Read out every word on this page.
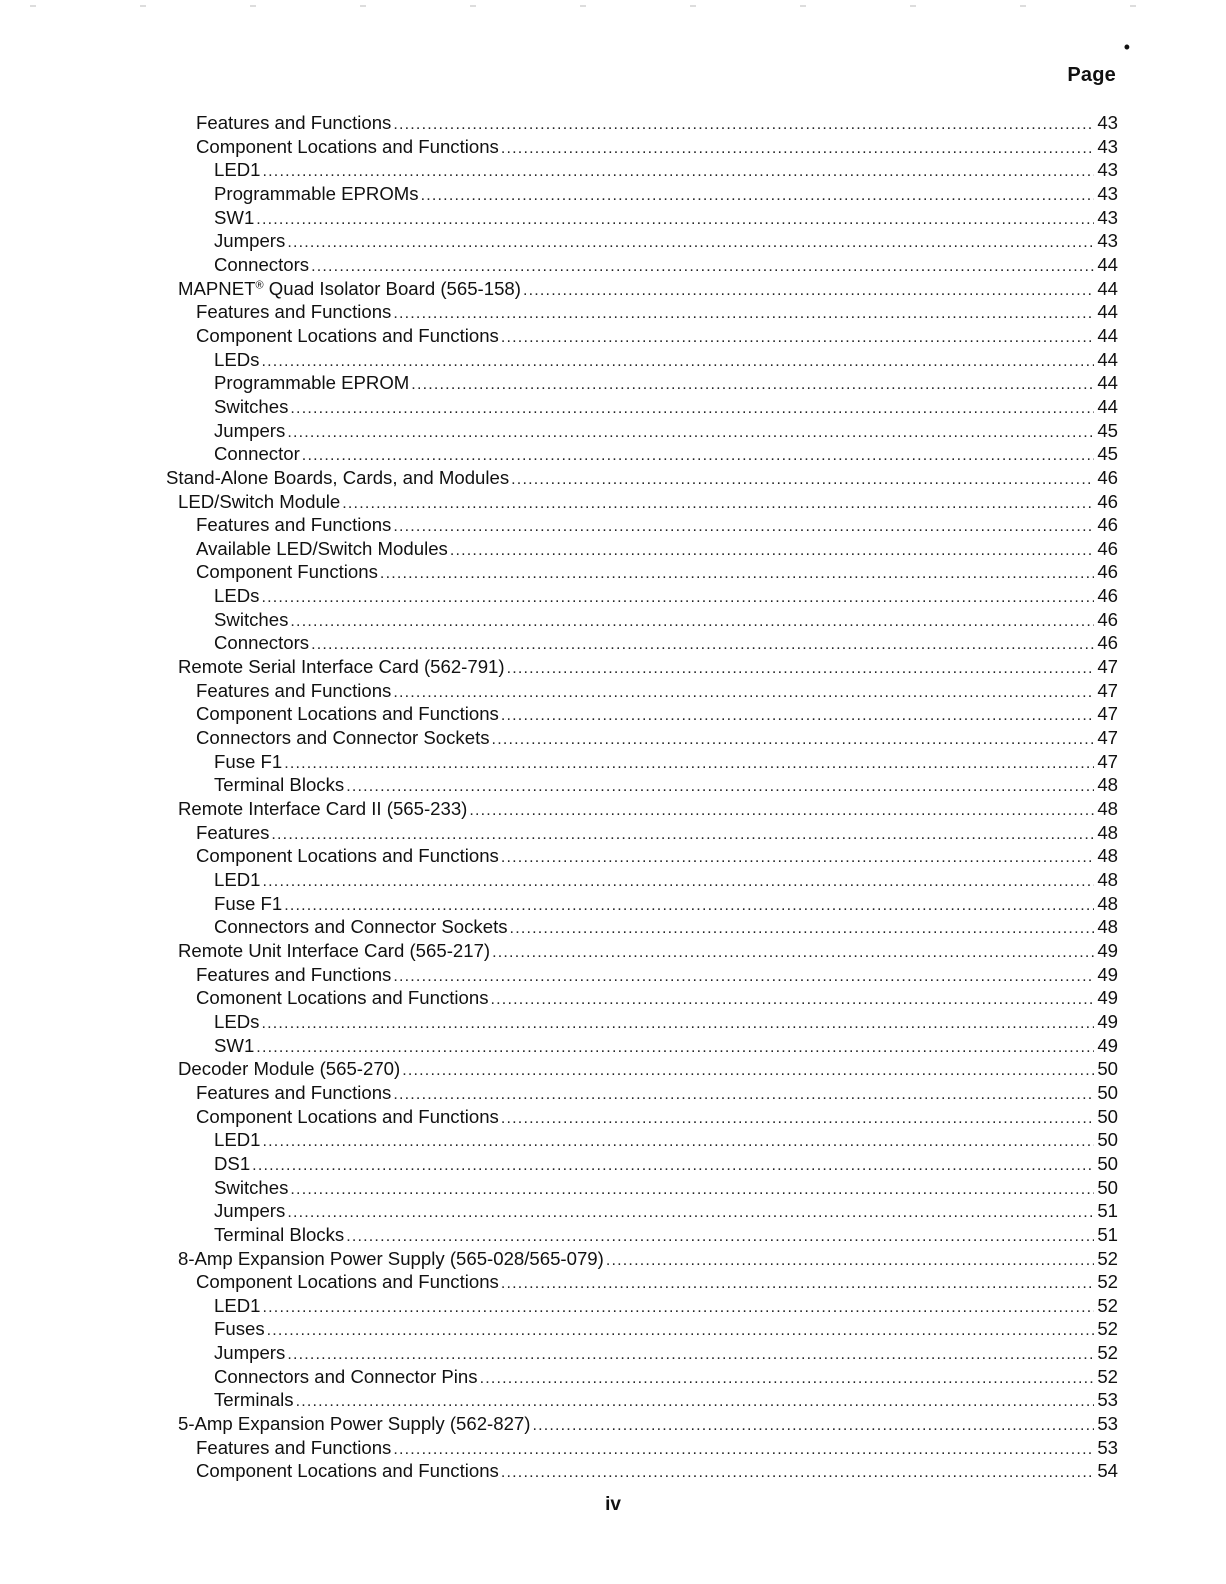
•
Page
Features and Functions .....	43
Component Locations and Functions .....	43
LED1 .....	43
Programmable EPROMs .....	43
SW1 .....	43
Jumpers .....	43
Connectors .....	44
MAPNET® Quad Isolator Board (565-158) .....	44
Features and Functions .....	44
Component Locations and Functions .....	44
LEDs .....	44
Programmable EPROM .....	44
Switches .....	44
Jumpers .....	45
Connector .....	45
Stand-Alone Boards, Cards, and Modules .....	46
LED/Switch Module .....	46
Features and Functions .....	46
Available LED/Switch Modules .....	46
Component Functions .....	46
LEDs .....	46
Switches .....	46
Connectors .....	46
Remote Serial Interface Card (562-791) .....	47
Features and Functions .....	47
Component Locations and Functions .....	47
Connectors and Connector Sockets .....	47
Fuse F1 .....	47
Terminal Blocks .....	48
Remote Interface Card II (565-233) .....	48
Features .....	48
Component Locations and Functions .....	48
LED1 .....	48
Fuse F1 .....	48
Connectors and Connector Sockets .....	48
Remote Unit Interface Card (565-217) .....	49
Features and Functions .....	49
Comonent Locations and Functions .....	49
LEDs .....	49
SW1 .....	49
Decoder Module (565-270) .....	50
Features and Functions .....	50
Component Locations and Functions .....	50
LED1 .....	50
DS1 .....	50
Switches .....	50
Jumpers .....	51
Terminal Blocks .....	51
8-Amp Expansion Power Supply (565-028/565-079) .....	52
Component Locations and Functions .....	52
LED1 .....	52
Fuses .....	52
Jumpers .....	52
Connectors and Connector Pins .....	52
Terminals .....	53
5-Amp Expansion Power Supply (562-827) .....	53
Features and Functions .....	53
Component Locations and Functions .....	54
iv
